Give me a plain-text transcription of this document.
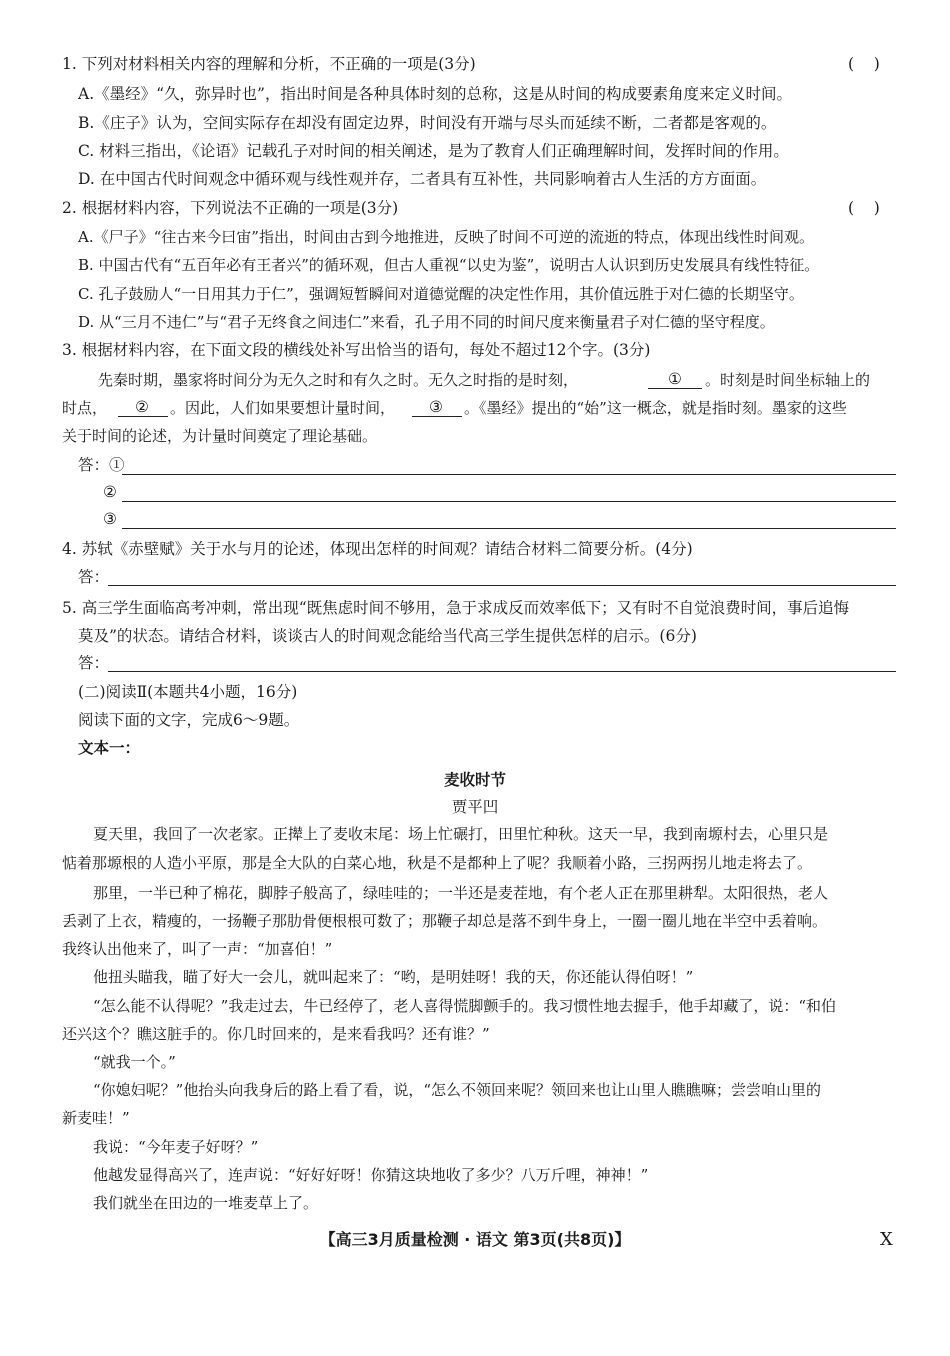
1. 下列对材料相关内容的理解和分析，不正确的一项是(3分)	(    )
A.《墨经》“久，弥异时也”，指出时间是各种具体时刻的总称，这是从时间的构成要素角度来定义时间。
B.《庄子》认为，空间实际存在却没有固定边界，时间没有开端与尽头而延续不断，二者都是客观的。
C. 材料三指出，《论语》记载孔子对时间的相关阐述，是为了教育人们正确理解时间，发挥时间的作用。
D. 在中国古代时间观念中循环观与线性观并存，二者具有互补性，共同影响着古人生活的方方面面。
2. 根据材料内容，下列说法不正确的一项是(3分)	(    )
A.《尸子》“往古来今曰宙”指出，时间由古到今地推进，反映了时间不可逆的流逝的特点，体现出线性时间观。
B. 中国古代有“五百年必有王者兴”的循环观，但古人重视“以史为鉴”，说明古人认识到历史发展具有线性特征。
C. 孔子鼓励人“一日用其力于仁”，强调短暂瞬间对道德觉醒的决定性作用，其价值远胜于对仁德的长期坚守。
D. 从“三月不违仁”与“君子无终食之间违仁”来看，孔子用不同的时间尺度来衡量君子对仁德的坚守程度。
3. 根据材料内容，在下面文段的横线处补写出恰当的语句，每处不超过12个字。(3分)
先秦时期，墨家将时间分为无久之时和有久之时。无久之时指的是时刻，	① 。时刻是时间坐标轴上的
时点， ② 。因此，人们如果要想计量时间， ③ 。《墨经》提出的“始”这一概念，就是指时刻。墨家的这些
关于时间的论述，为计量时间奠定了理论基础。
答：①
②
③
4. 苏轼《赤壁赋》关于水与月的论述，体现出怎样的时间观？请结合材料二简要分析。(4分)
答：
5. 高三学生面临高考冲刺，常出现“既焦虑时间不够用，急于求成反而效率低下；又有时不自觉浪费时间，事后追悔
莫及”的状态。请结合材料，谈谈古人的时间观念能给当代高三学生提供怎样的启示。(6分)
答：
(二)阅读Ⅱ(本题共4小题，16分)
阅读下面的文字，完成6～9题。
文本一：
麦收时节
贾平凹
夏天里，我回了一次老家。正撵上了麦收末尾：场上忙碾打，田里忙种秋。这天一早，我到南塬村去，心里只是
惦着那塬根的人造小平原，那是全大队的白菜心地，秋是不是都种上了呢？我顺着小路，三拐两拐儿地走将去了。
那里，一半已种了棉花，脚脖子般高了，绿哇哇的；一半还是麦茬地，有个老人正在那里耕犁。太阳很热，老人
丢剥了上衣，精瘦的，一扬鞭子那肋骨便根根可数了；那鞭子却总是落不到牛身上，一圈一圈儿地在半空中丢着响。
我终认出他来了，叫了一声：“加喜伯！”
他扭头瞄我，瞄了好大一会儿，就叫起来了：“哟，是明娃呀！我的天，你还能认得伯呀！”
“怎么能不认得呢？”我走过去，牛已经停了，老人喜得慌脚颤手的。我习惯性地去握手，他手却藏了，说：“和伯
还兴这个？瞧这脏手的。你几时回来的，是来看我吗？还有谁？”
“就我一个。”
“你媳妇呢？”他抬头向我身后的路上看了看，说，“怎么不领回来呢？领回来也让山里人瞧瞧嘛；尝尝咱山里的
新麦哇！”
我说：“今年麦子好呀？”
他越发显得高兴了，连声说：“好好好呀！你猜这块地收了多少？八万斤哩，神神！”
我们就坐在田边的一堆麦草上了。
【高三3月质量检测 · 语文 第3页(共8页)】	X
